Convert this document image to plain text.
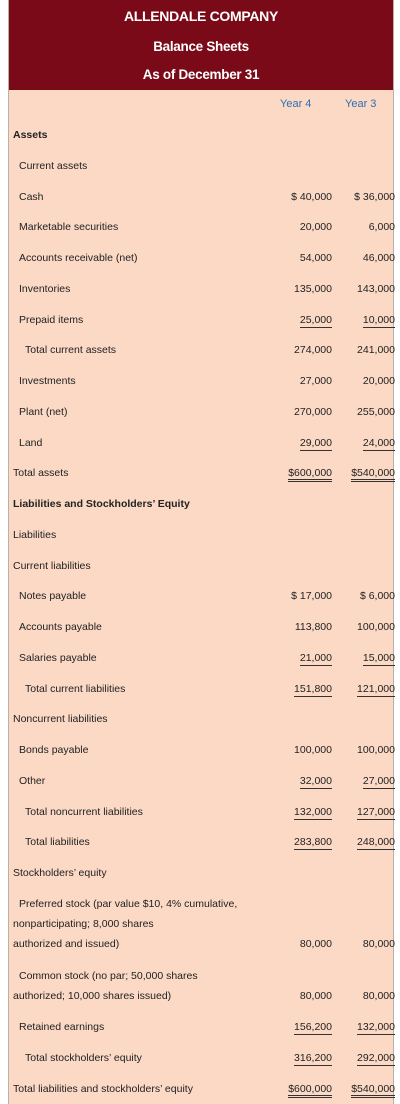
ALLENDALE COMPANY
Balance Sheets
As of December 31
Year 4	Year 3
Assets
Current assets
Cash	$ 40,000	$ 36,000
Marketable securities	20,000	6,000
Accounts receivable (net)	54,000	46,000
Inventories	135,000	143,000
Prepaid items	25,000	10,000
Total current assets	274,000	241,000
Investments	27,000	20,000
Plant (net)	270,000	255,000
Land	29,000	24,000
Total assets	$600,000	$540,000
Liabilities and Stockholders’ Equity
Liabilities
Current liabilities
Notes payable	$ 17,000	$ 6,000
Accounts payable	113,800	100,000
Salaries payable	21,000	15,000
Total current liabilities	151,800	121,000
Noncurrent liabilities
Bonds payable	100,000	100,000
Other	32,000	27,000
Total noncurrent liabilities	132,000	127,000
Total liabilities	283,800	248,000
Stockholders’ equity
Preferred stock (par value $10, 4% cumulative,
nonparticipating; 8,000 shares
authorized and issued)	80,000	80,000
Common stock (no par; 50,000 shares
authorized; 10,000 shares issued)	80,000	80,000
Retained earnings	156,200	132,000
Total stockholders’ equity	316,200	292,000
Total liabilities and stockholders’ equity	$600,000	$540,000
